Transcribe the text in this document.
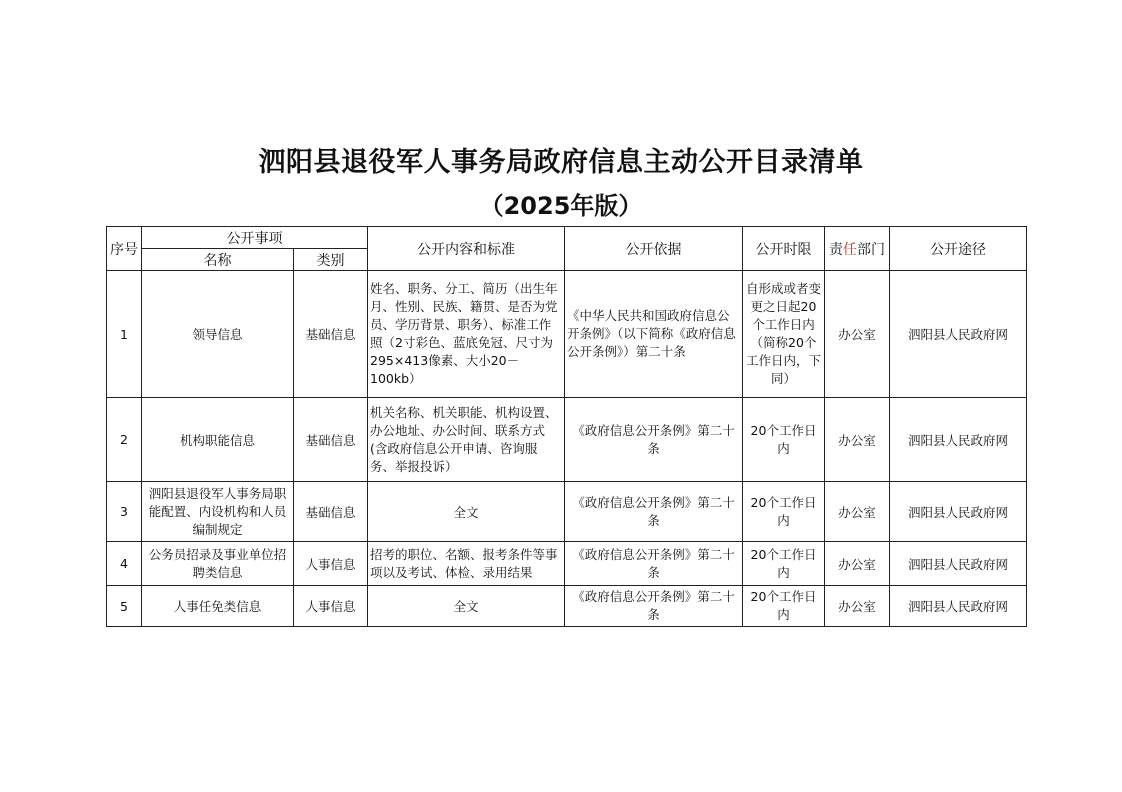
泗阳县退役军人事务局政府信息主动公开目录清单
（2025年版）
序号	公开事项		公开内容和标准	公开依据	公开时限	责任部门	公开途径
	名称	类别					
1	领导信息	基础信息	姓名、职务、分工、简历（出生年月、性别、民族、籍贯、是否为党员、学历背景、职务）、标准工作照（2寸彩色、蓝底免冠、尺寸为295×413像素、大小20－100kb）	《中华人民共和国政府信息公开条例》（以下简称《政府信息公开条例》）第二十条	自形成或者变更之日起20个工作日内（简称20个工作日内，下同）	办公室	泗阳县人民政府网
2	机构职能信息	基础信息	机关名称、机关职能、机构设置、办公地址、办公时间、联系方式(含政府信息公开申请、咨询服务、举报投诉）	《政府信息公开条例》第二十条	20个工作日内	办公室	泗阳县人民政府网
3	泗阳县退役军人事务局职能配置、内设机构和人员编制规定	基础信息	全文	《政府信息公开条例》第二十条	20个工作日内	办公室	泗阳县人民政府网
4	公务员招录及事业单位招聘类信息	人事信息	招考的职位、名额、报考条件等事项以及考试、体检、录用结果	《政府信息公开条例》第二十条	20个工作日内	办公室	泗阳县人民政府网
5	人事任免类信息	人事信息	全文	《政府信息公开条例》第二十条	20个工作日内	办公室	泗阳县人民政府网
